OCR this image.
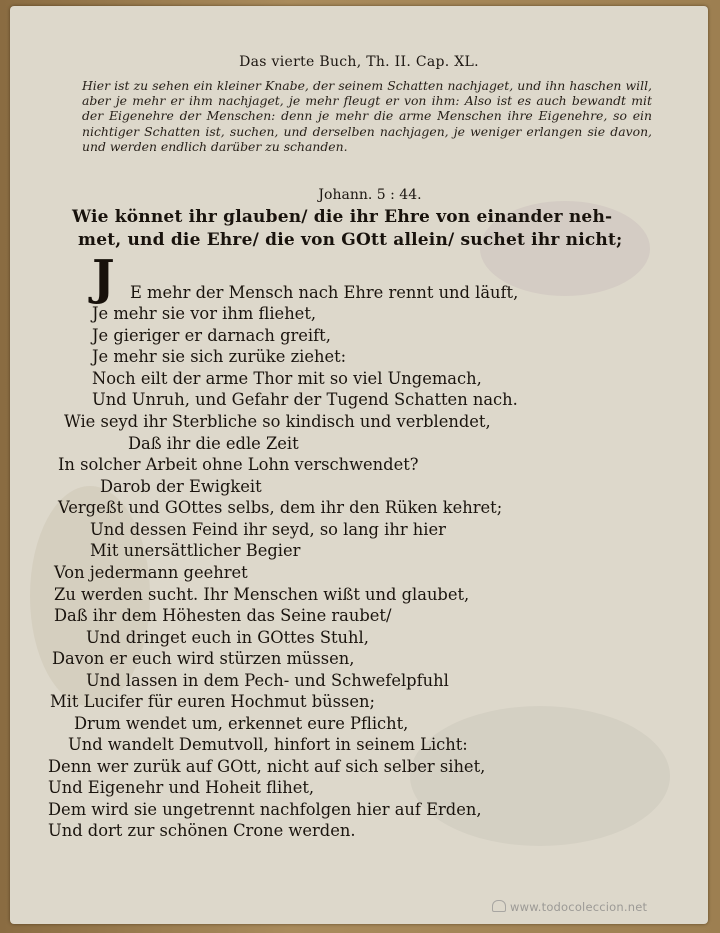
Das vierte Buch, Th. II. Cap. XL.
Hier ist zu sehen ein kleiner Knabe, der seinem Schatten nachjaget, und ihn haschen will, aber je mehr er ihm nachjaget, je mehr fleugt er von ihm: Also ist es auch bewandt mit der Eigenehre der Menschen: denn je mehr die arme Menschen ihre Eigenehre, so ein nichtiger Schatten ist, suchen, und derselben nachjagen, je weniger erlangen sie davon, und werden endlich darüber zu schanden.
Johann. 5 : 44.
Wie könnet ihr glauben/ die ihr Ehre von einander neh-
met, und die Ehre/ die von GOtt allein/ suchet ihr nicht;
J E mehr der Mensch nach Ehre rennt und läuft,
Je mehr sie vor ihm fliehet,
Je gieriger er darnach greift,
Je mehr sie sich zurüke ziehet:
Noch eilt der arme Thor mit so viel Ungemach,
Und Unruh, und Gefahr der Tugend Schatten nach.
Wie seyd ihr Sterbliche so kindisch und verblendet,
Daß ihr die edle Zeit
In solcher Arbeit ohne Lohn verschwendet?
Darob der Ewigkeit
Vergeßt und GOttes selbs, dem ihr den Rüken kehret;
Und dessen Feind ihr seyd, so lang ihr hier
Mit unersättlicher Begier
Von jedermann geehret
Zu werden sucht. Ihr Menschen wißt und glaubet,
Daß ihr dem Höhesten das Seine raubet/
Und dringet euch in GOttes Stuhl,
Davon er euch wird stürzen müssen,
Und lassen in dem Pech- und Schwefelpfuhl
Mit Lucifer für euren Hochmut büssen;
Drum wendet um, erkennet eure Pflicht,
Und wandelt Demutvoll, hinfort in seinem Licht:
Denn wer zurük auf GOtt, nicht auf sich selber sihet,
Und Eigenehr und Hoheit flihet,
Dem wird sie ungetrennt nachfolgen hier auf Erden,
Und dort zur schönen Crone werden.
www.todocoleccion.net
